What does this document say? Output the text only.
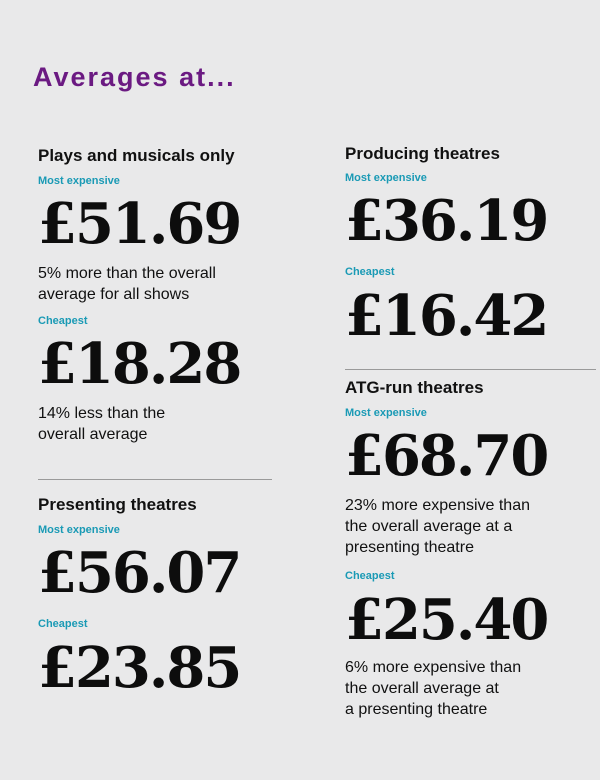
Averages at...
Plays and musicals only
Most expensive
£51.69
5% more than the overall
average for all shows
Cheapest
£18.28
14% less than the
overall average
Presenting theatres
Most expensive
£56.07
Cheapest
£23.85
Producing theatres
Most expensive
£36.19
Cheapest
£16.42
ATG-run theatres
Most expensive
£68.70
23% more expensive than
the overall average at a
presenting theatre
Cheapest
£25.40
6% more expensive than
the overall average at
a presenting theatre
